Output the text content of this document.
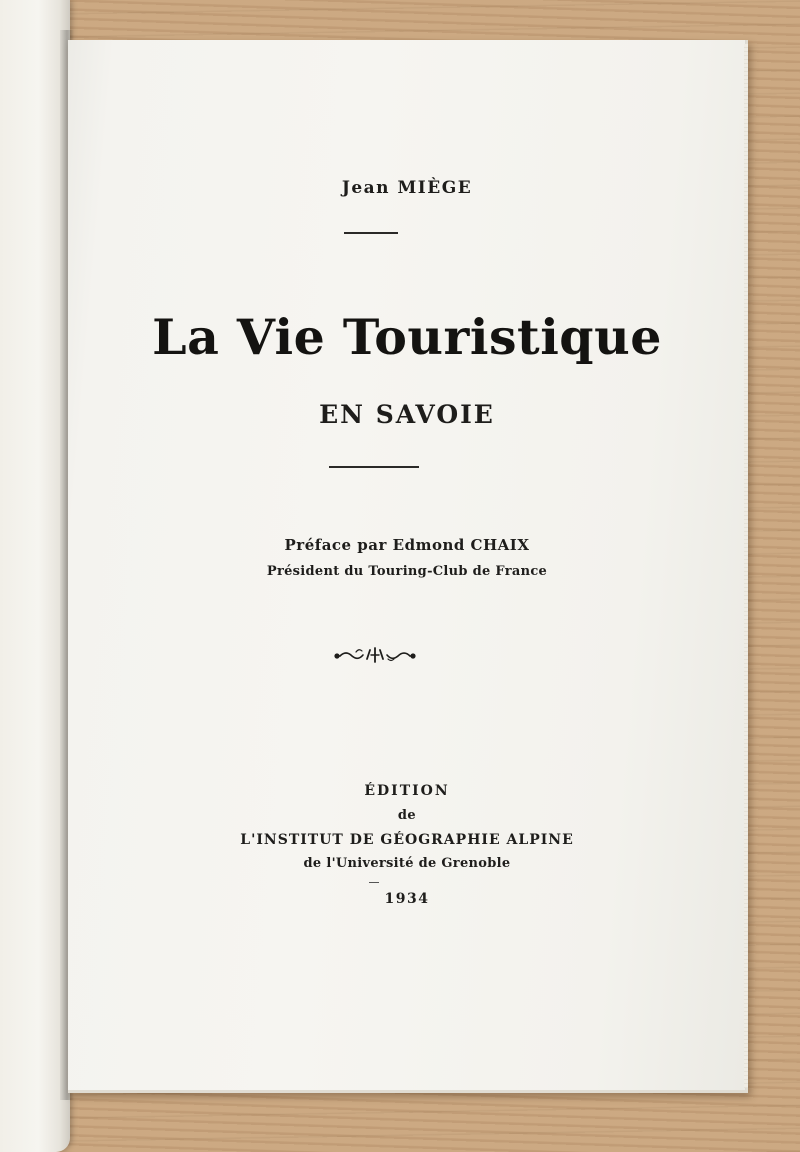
Jean MIÈGE
La Vie Touristique
EN SAVOIE
Préface par Edmond CHAIX
Président du Touring-Club de France
ÉDITION
de
L'INSTITUT DE GÉOGRAPHIE ALPINE
de l'Université de Grenoble
1934
